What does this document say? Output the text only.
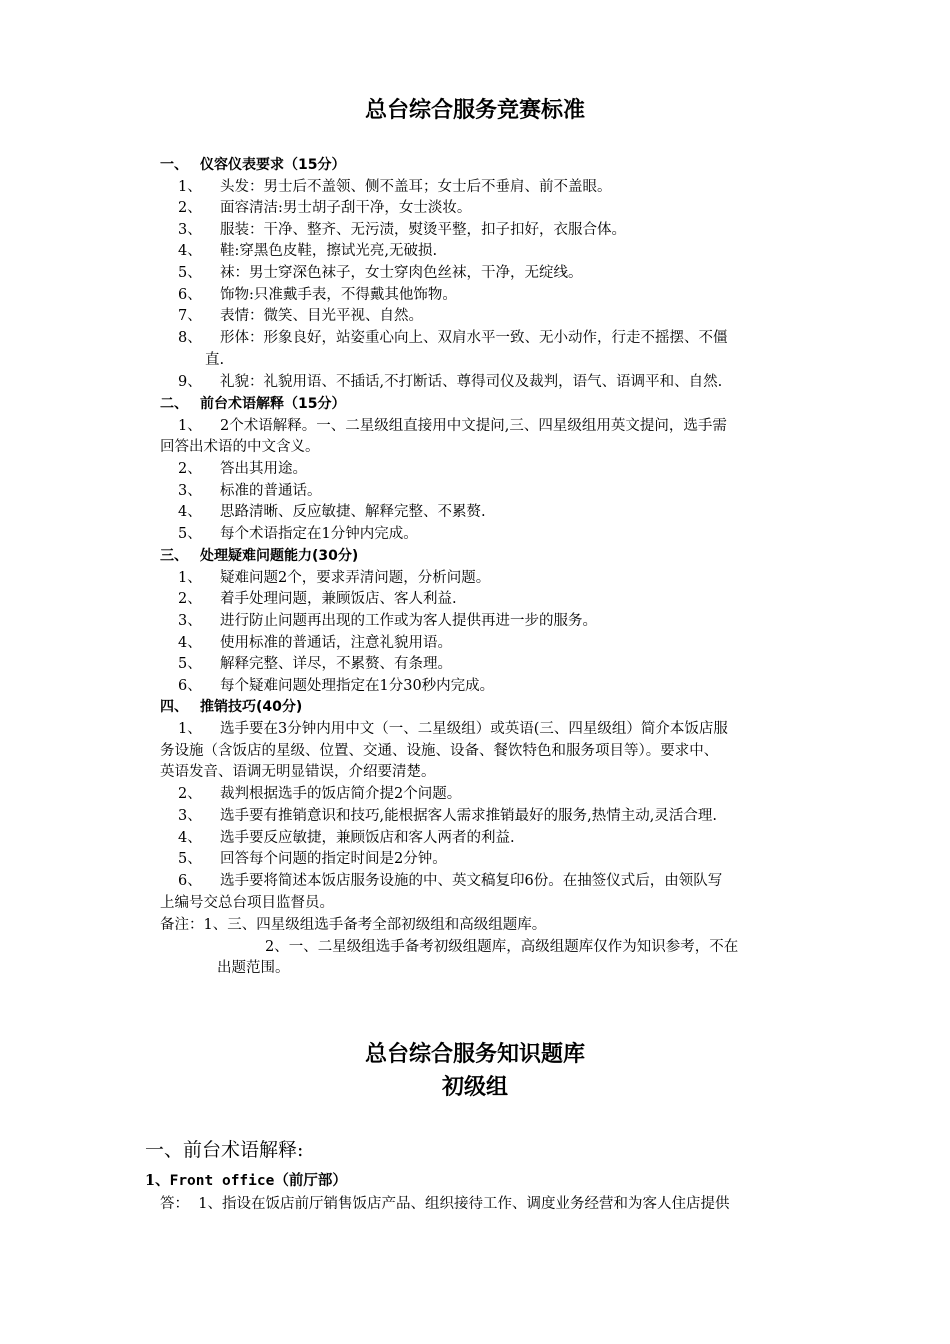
总台综合服务竞赛标准
一、 仪容仪表要求（15分）
1、 头发：男士后不盖领、侧不盖耳；女士后不垂肩、前不盖眼。
2、 面容清洁:男士胡子刮干净，女士淡妆。
3、 服装：干净、整齐、无污渍，熨烫平整，扣子扣好，衣服合体。
4、 鞋:穿黑色皮鞋，擦试光亮,无破损.
5、 袜：男士穿深色袜子，女士穿肉色丝袜，干净，无绽线。
6、 饰物:只准戴手表，不得戴其他饰物。
7、 表情：微笑、目光平视、自然。
8、 形体：形象良好，站姿重心向上、双肩水平一致、无小动作，行走不摇摆、不僵
直.
9、 礼貌：礼貌用语、不插话,不打断话、尊得司仪及裁判，语气、语调平和、自然.
二、 前台术语解释（15分）
1、 2个术语解释。一、二星级组直接用中文提问,三、四星级组用英文提问，选手需
回答出术语的中文含义。
2、 答出其用途。
3、 标准的普通话。
4、 思路清晰、反应敏捷、解释完整、不累赘.
5、 每个术语指定在1分钟内完成。
三、 处理疑难问题能力(30分)
1、 疑难问题2个，要求弄清问题，分析问题。
2、 着手处理问题，兼顾饭店、客人利益.
3、 进行防止问题再出现的工作或为客人提供再进一步的服务。
4、 使用标准的普通话，注意礼貌用语。
5、 解释完整、详尽，不累赘、有条理。
6、 每个疑难问题处理指定在1分30秒内完成。
四、 推销技巧(40分)
1、 选手要在3分钟内用中文（一、二星级组）或英语(三、四星级组）简介本饭店服
务设施（含饭店的星级、位置、交通、设施、设备、餐饮特色和服务项目等）。要求中、
英语发音、语调无明显错误，介绍要清楚。
2、 裁判根据选手的饭店简介提2个问题。
3、 选手要有推销意识和技巧,能根据客人需求推销最好的服务,热情主动,灵活合理.
4、 选手要反应敏捷，兼顾饭店和客人两者的利益.
5、 回答每个问题的指定时间是2分钟。
6、 选手要将简述本饭店服务设施的中、英文稿复印6份。在抽签仪式后，由领队写
上编号交总台项目监督员。
备注：1、三、四星级组选手备考全部初级组和高级组题库。
2、一、二星级组选手备考初级组题库，高级组题库仅作为知识参考，不在
出题范围。
总台综合服务知识题库
初级组
一、前台术语解释:
1、Front office（前厅部）
答： 1、指设在饭店前厅销售饭店产品、组织接待工作、调度业务经营和为客人住店提供
